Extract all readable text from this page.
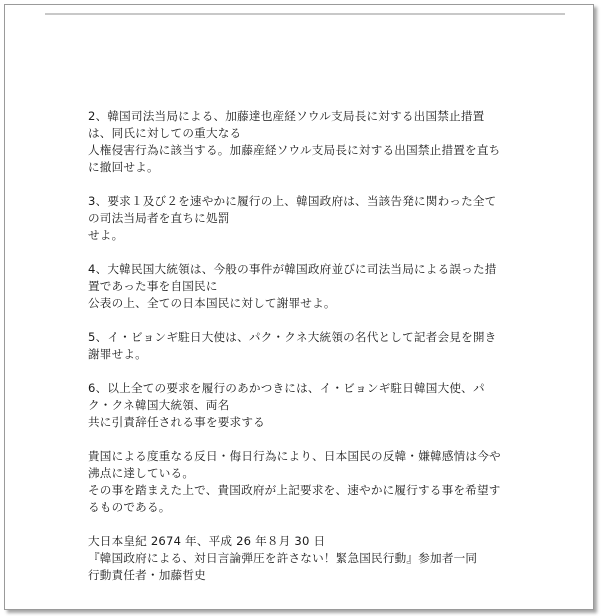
2、韓国司法当局による、加藤達也産経ソウル支局長に対する出国禁止措置
は、同氏に対しての重大なる
人権侵害行為に該当する。加藤産経ソウル支局長に対する出国禁止措置を直ち
に撤回せよ。
3、要求１及び２を速やかに履行の上、韓国政府は、当該告発に関わった全て
の司法当局者を直ちに処罰
せよ。
4、大韓民国大統領は、今般の事件が韓国政府並びに司法当局による誤った措
置であった事を自国民に
公表の上、全ての日本国民に対して謝罪せよ。
5、イ・ビョンギ駐日大使は、パク・クネ大統領の名代として記者会見を開き
謝罪せよ。
6、以上全ての要求を履行のあかつきには、イ・ビョンギ駐日韓国大使、パ
ク・クネ韓国大統領、両名
共に引責辞任される事を要求する
貴国による度重なる反日・侮日行為により、日本国民の反韓・嫌韓感情は今や
沸点に達している。
その事を踏まえた上で、貴国政府が上記要求を、速やかに履行する事を希望す
るものである。
大日本皇紀 2674 年、平成 26 年８月 30 日
『韓国政府による、対日言論弾圧を許さない！緊急国民行動』参加者一同
行動責任者・加藤哲史
